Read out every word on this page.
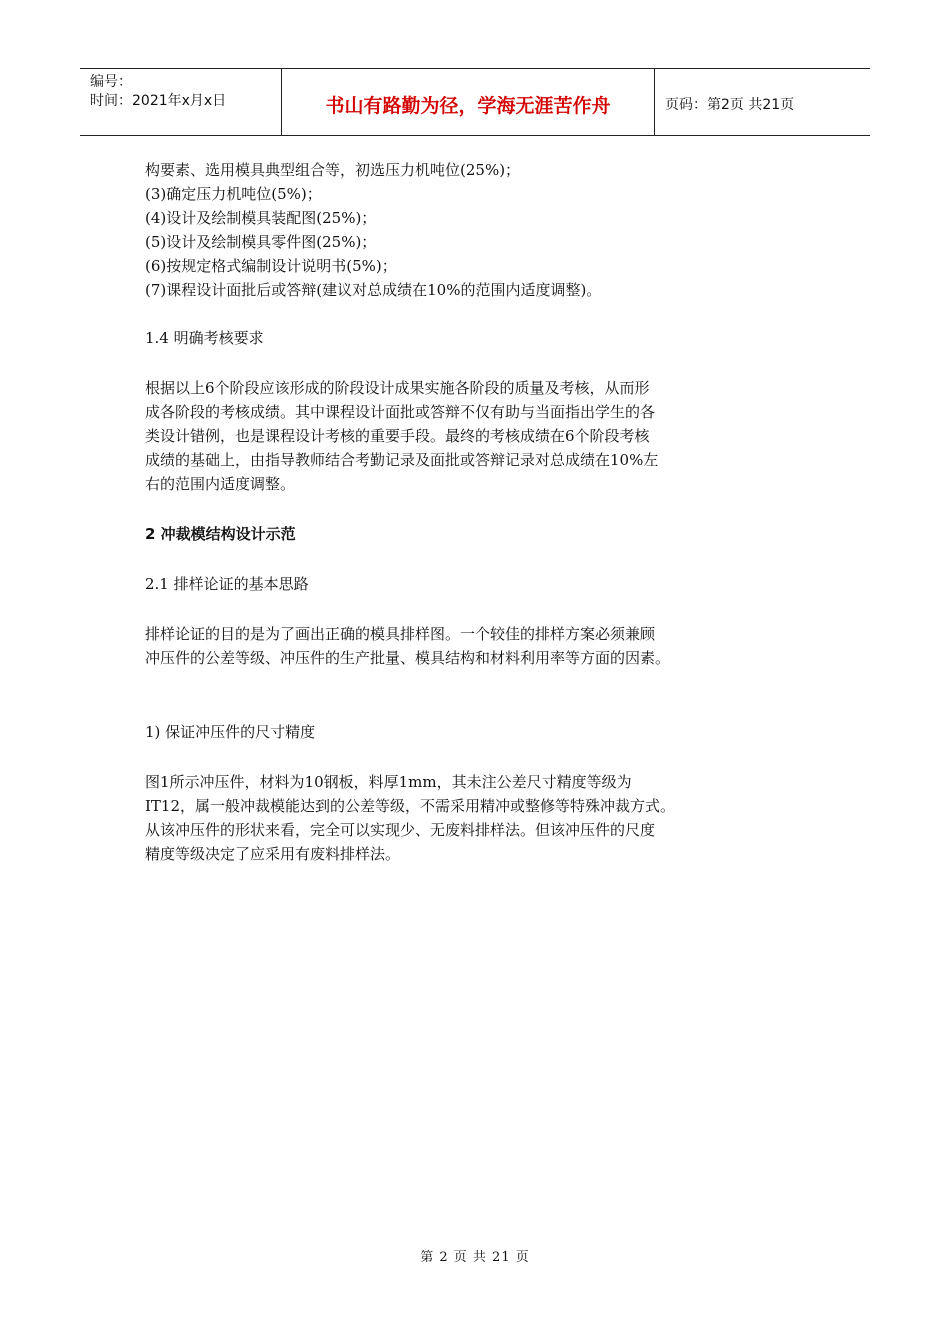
编号：
时间：2021年x月x日	书山有路勤为径，学海无涯苦作舟	页码：第2页 共21页

构要素、选用模具典型组合等，初选压力机吨位(25%)；

(3)确定压力机吨位(5%)；

(4)设计及绘制模具装配图(25%)；

(5)设计及绘制模具零件图(25%)；

(6)按规定格式编制设计说明书(5%)；

(7)课程设计面批后或答辩(建议对总成绩在10%的范围内适度调整)。

1.4 明确考核要求

根据以上6个阶段应该形成的阶段设计成果实施各阶段的质量及考核，从而形

成各阶段的考核成绩。其中课程设计面批或答辩不仅有助与当面指出学生的各

类设计错例，也是课程设计考核的重要手段。最终的考核成绩在6个阶段考核

成绩的基础上，由指导教师结合考勤记录及面批或答辩记录对总成绩在10%左

右的范围内适度调整。

2 冲裁模结构设计示范

2.1 排样论证的基本思路

排样论证的目的是为了画出正确的模具排样图。一个较佳的排样方案必须兼顾

冲压件的公差等级、冲压件的生产批量、模具结构和材料利用率等方面的因素。

1) 保证冲压件的尺寸精度

图1所示冲压件，材料为10钢板，料厚1mm，其未注公差尺寸精度等级为

IT12，属一般冲裁模能达到的公差等级，不需采用精冲或整修等特殊冲裁方式。

从该冲压件的形状来看，完全可以实现少、无废料排样法。但该冲压件的尺度

精度等级决定了应采用有废料排样法。

第 2 页 共 21 页
